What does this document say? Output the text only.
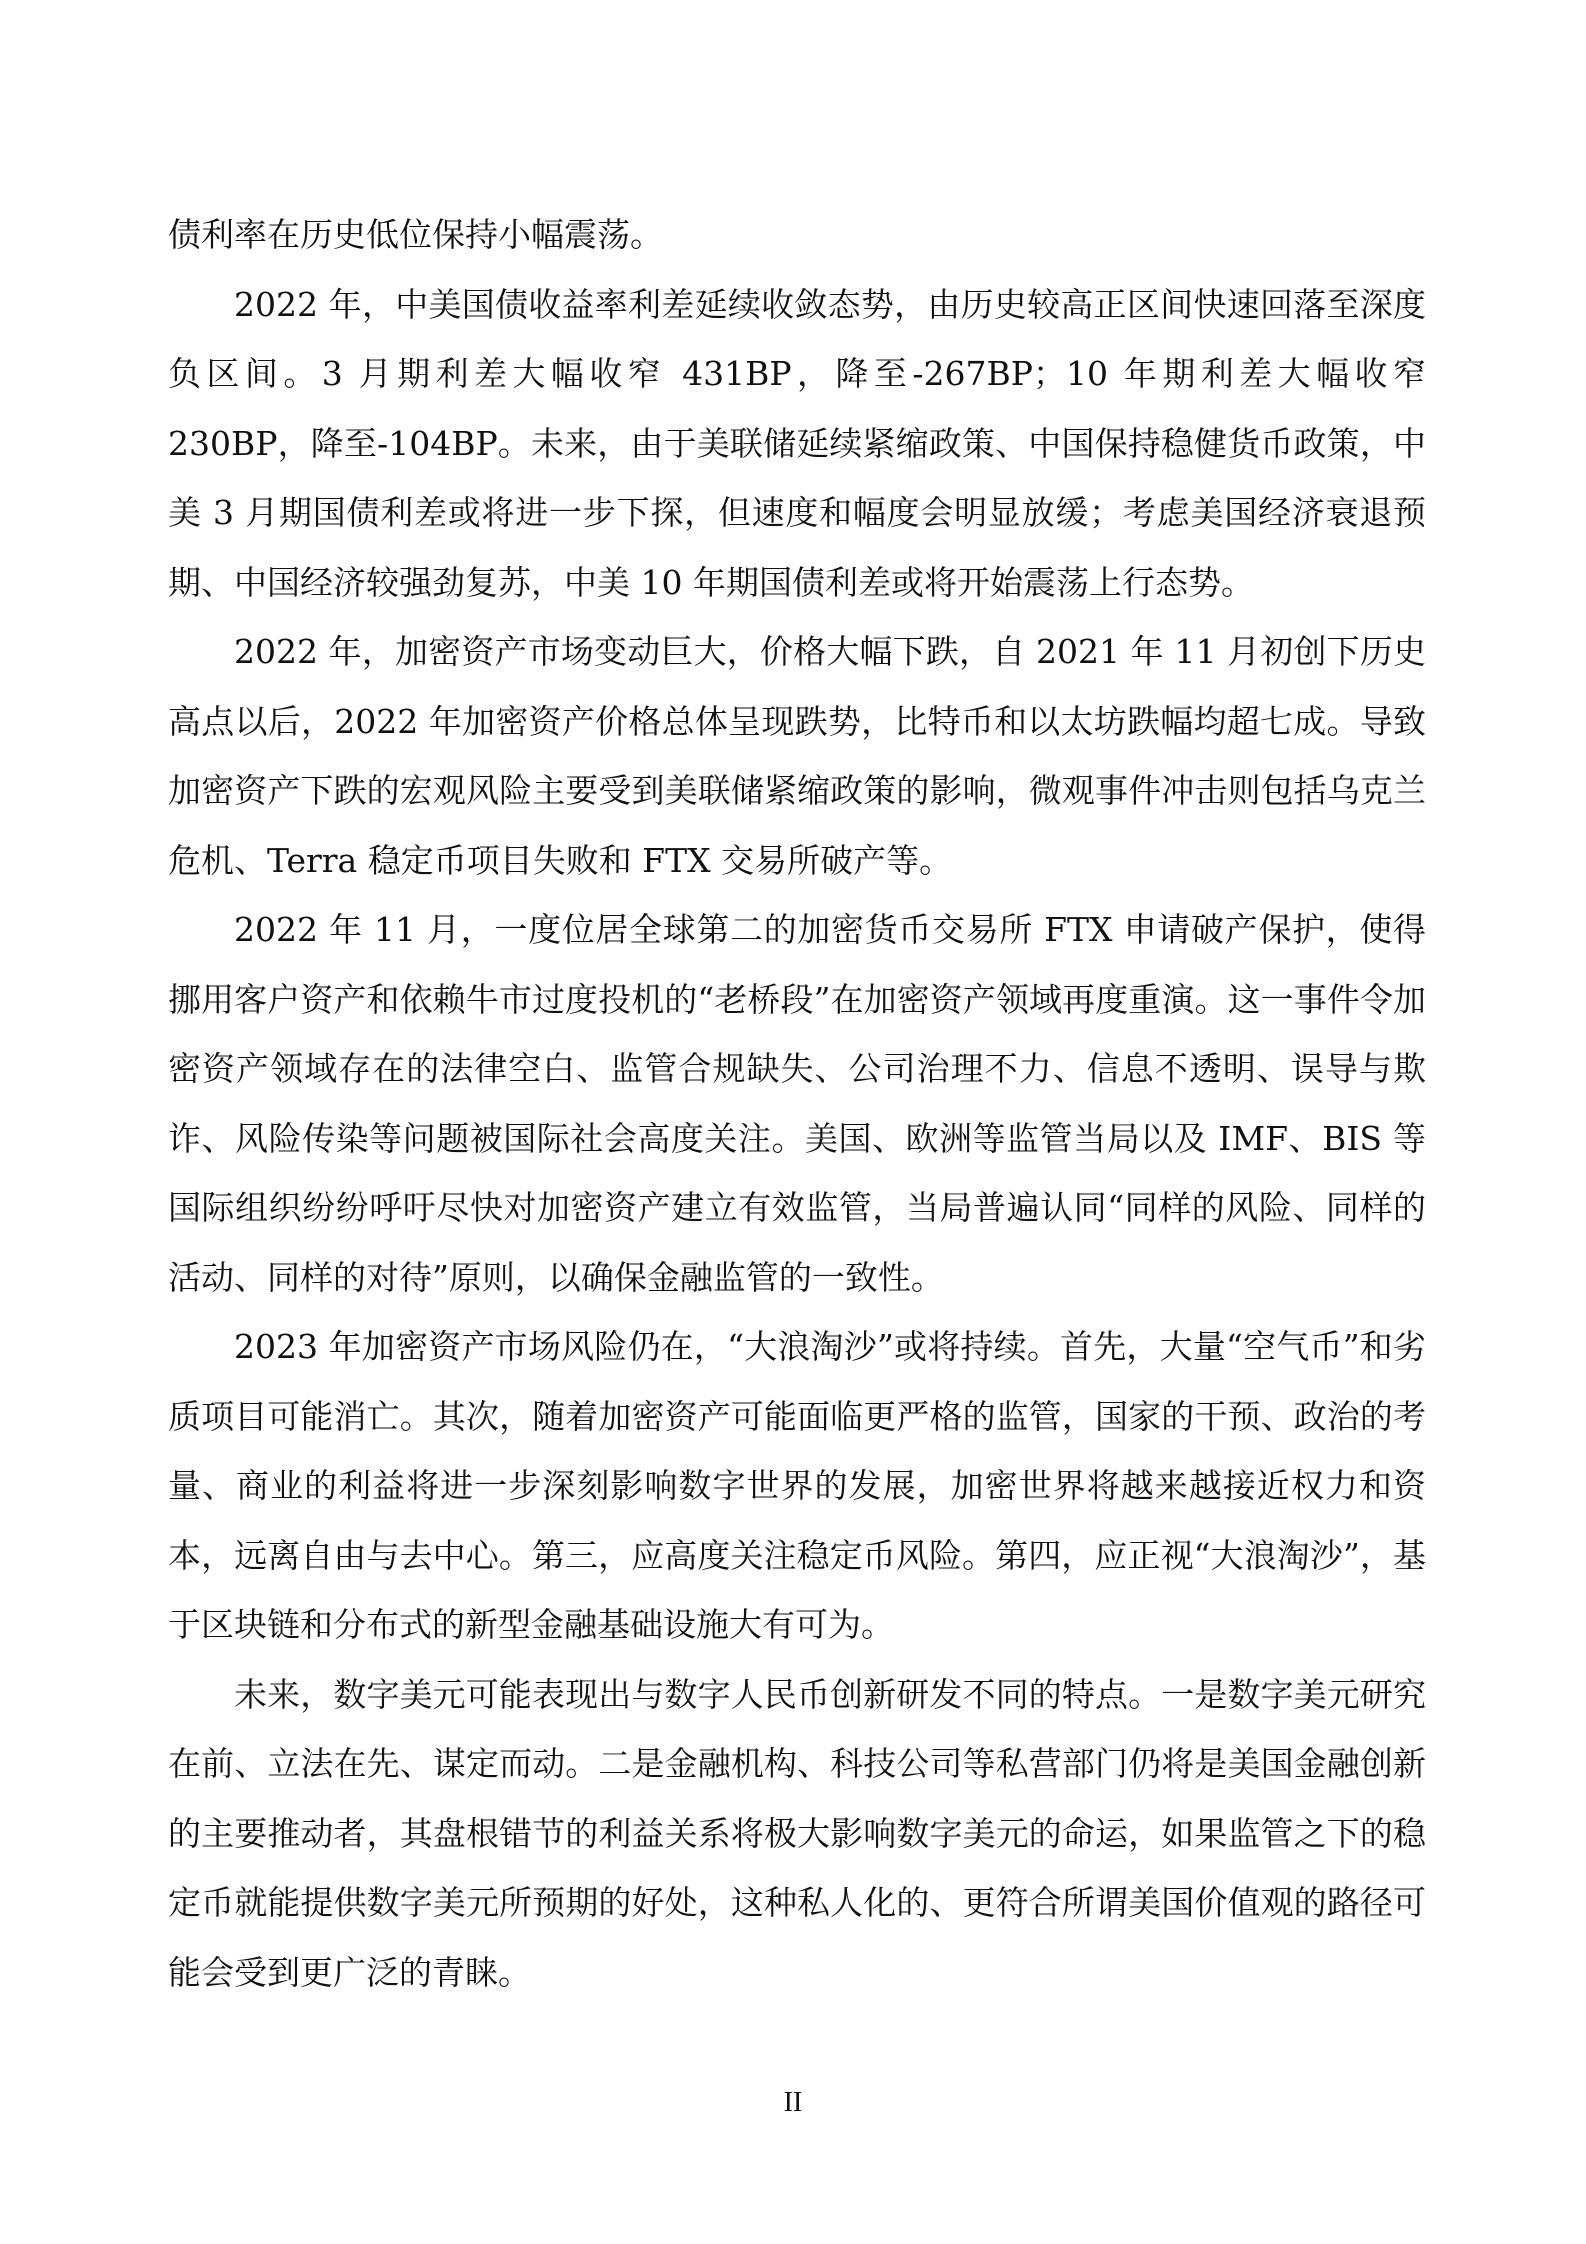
债利率在历史低位保持小幅震荡。

2022 年，中美国债收益率利差延续收敛态势，由历史较高正区间快速回落至深度负区间。3 月期利差大幅收窄 431BP，降至-267BP；10 年期利差大幅收窄 230BP，降至-104BP。未来，由于美联储延续紧缩政策、中国保持稳健货币政策，中美 3 月期国债利差或将进一步下探，但速度和幅度会明显放缓；考虑美国经济衰退预期、中国经济较强劲复苏，中美 10 年期国债利差或将开始震荡上行态势。

2022 年，加密资产市场变动巨大，价格大幅下跌，自 2021 年 11 月初创下历史高点以后，2022 年加密资产价格总体呈现跌势，比特币和以太坊跌幅均超七成。导致加密资产下跌的宏观风险主要受到美联储紧缩政策的影响，微观事件冲击则包括乌克兰危机、Terra 稳定币项目失败和 FTX 交易所破产等。

2022 年 11 月，一度位居全球第二的加密货币交易所 FTX 申请破产保护，使得挪用客户资产和依赖牛市过度投机的“老桥段”在加密资产领域再度重演。这一事件令加密资产领域存在的法律空白、监管合规缺失、公司治理不力、信息不透明、误导与欺诈、风险传染等问题被国际社会高度关注。美国、欧洲等监管当局以及 IMF、BIS 等国际组织纷纷呼吁尽快对加密资产建立有效监管，当局普遍认同“同样的风险、同样的活动、同样的对待”原则，以确保金融监管的一致性。

2023 年加密资产市场风险仍在，“大浪淘沙”或将持续。首先，大量“空气币”和劣质项目可能消亡。其次，随着加密资产可能面临更严格的监管，国家的干预、政治的考量、商业的利益将进一步深刻影响数字世界的发展，加密世界将越来越接近权力和资本，远离自由与去中心。第三，应高度关注稳定币风险。第四，应正视“大浪淘沙”，基于区块链和分布式的新型金融基础设施大有可为。

未来，数字美元可能表现出与数字人民币创新研发不同的特点。一是数字美元研究在前、立法在先、谋定而动。二是金融机构、科技公司等私营部门仍将是美国金融创新的主要推动者，其盘根错节的利益关系将极大影响数字美元的命运，如果监管之下的稳定币就能提供数字美元所预期的好处，这种私人化的、更符合所谓美国价值观的路径可能会受到更广泛的青睐。

II
